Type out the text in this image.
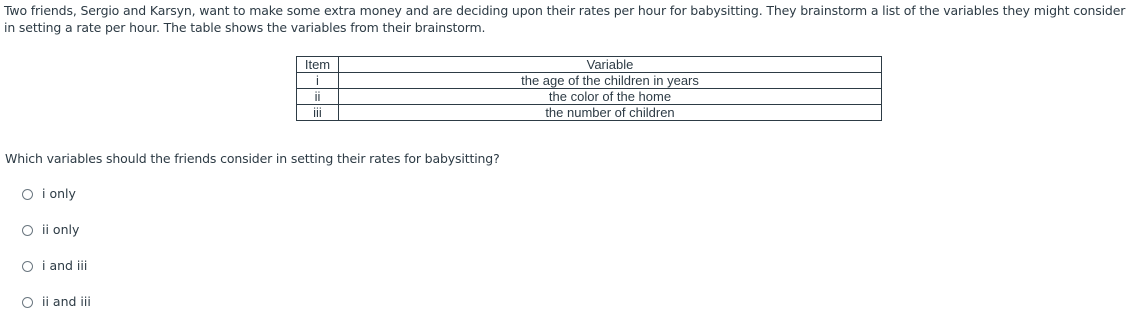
Two friends, Sergio and Karsyn, want to make some extra money and are deciding upon their rates per hour for babysitting. They brainstorm a list of the variables they might consider in setting a rate per hour. The table shows the variables from their brainstorm.
Item	Variable
i	the age of the children in years
ii	the color of the home
iii	the number of children
Which variables should the friends consider in setting their rates for babysitting?
i only
ii only
i and iii
ii and iii
